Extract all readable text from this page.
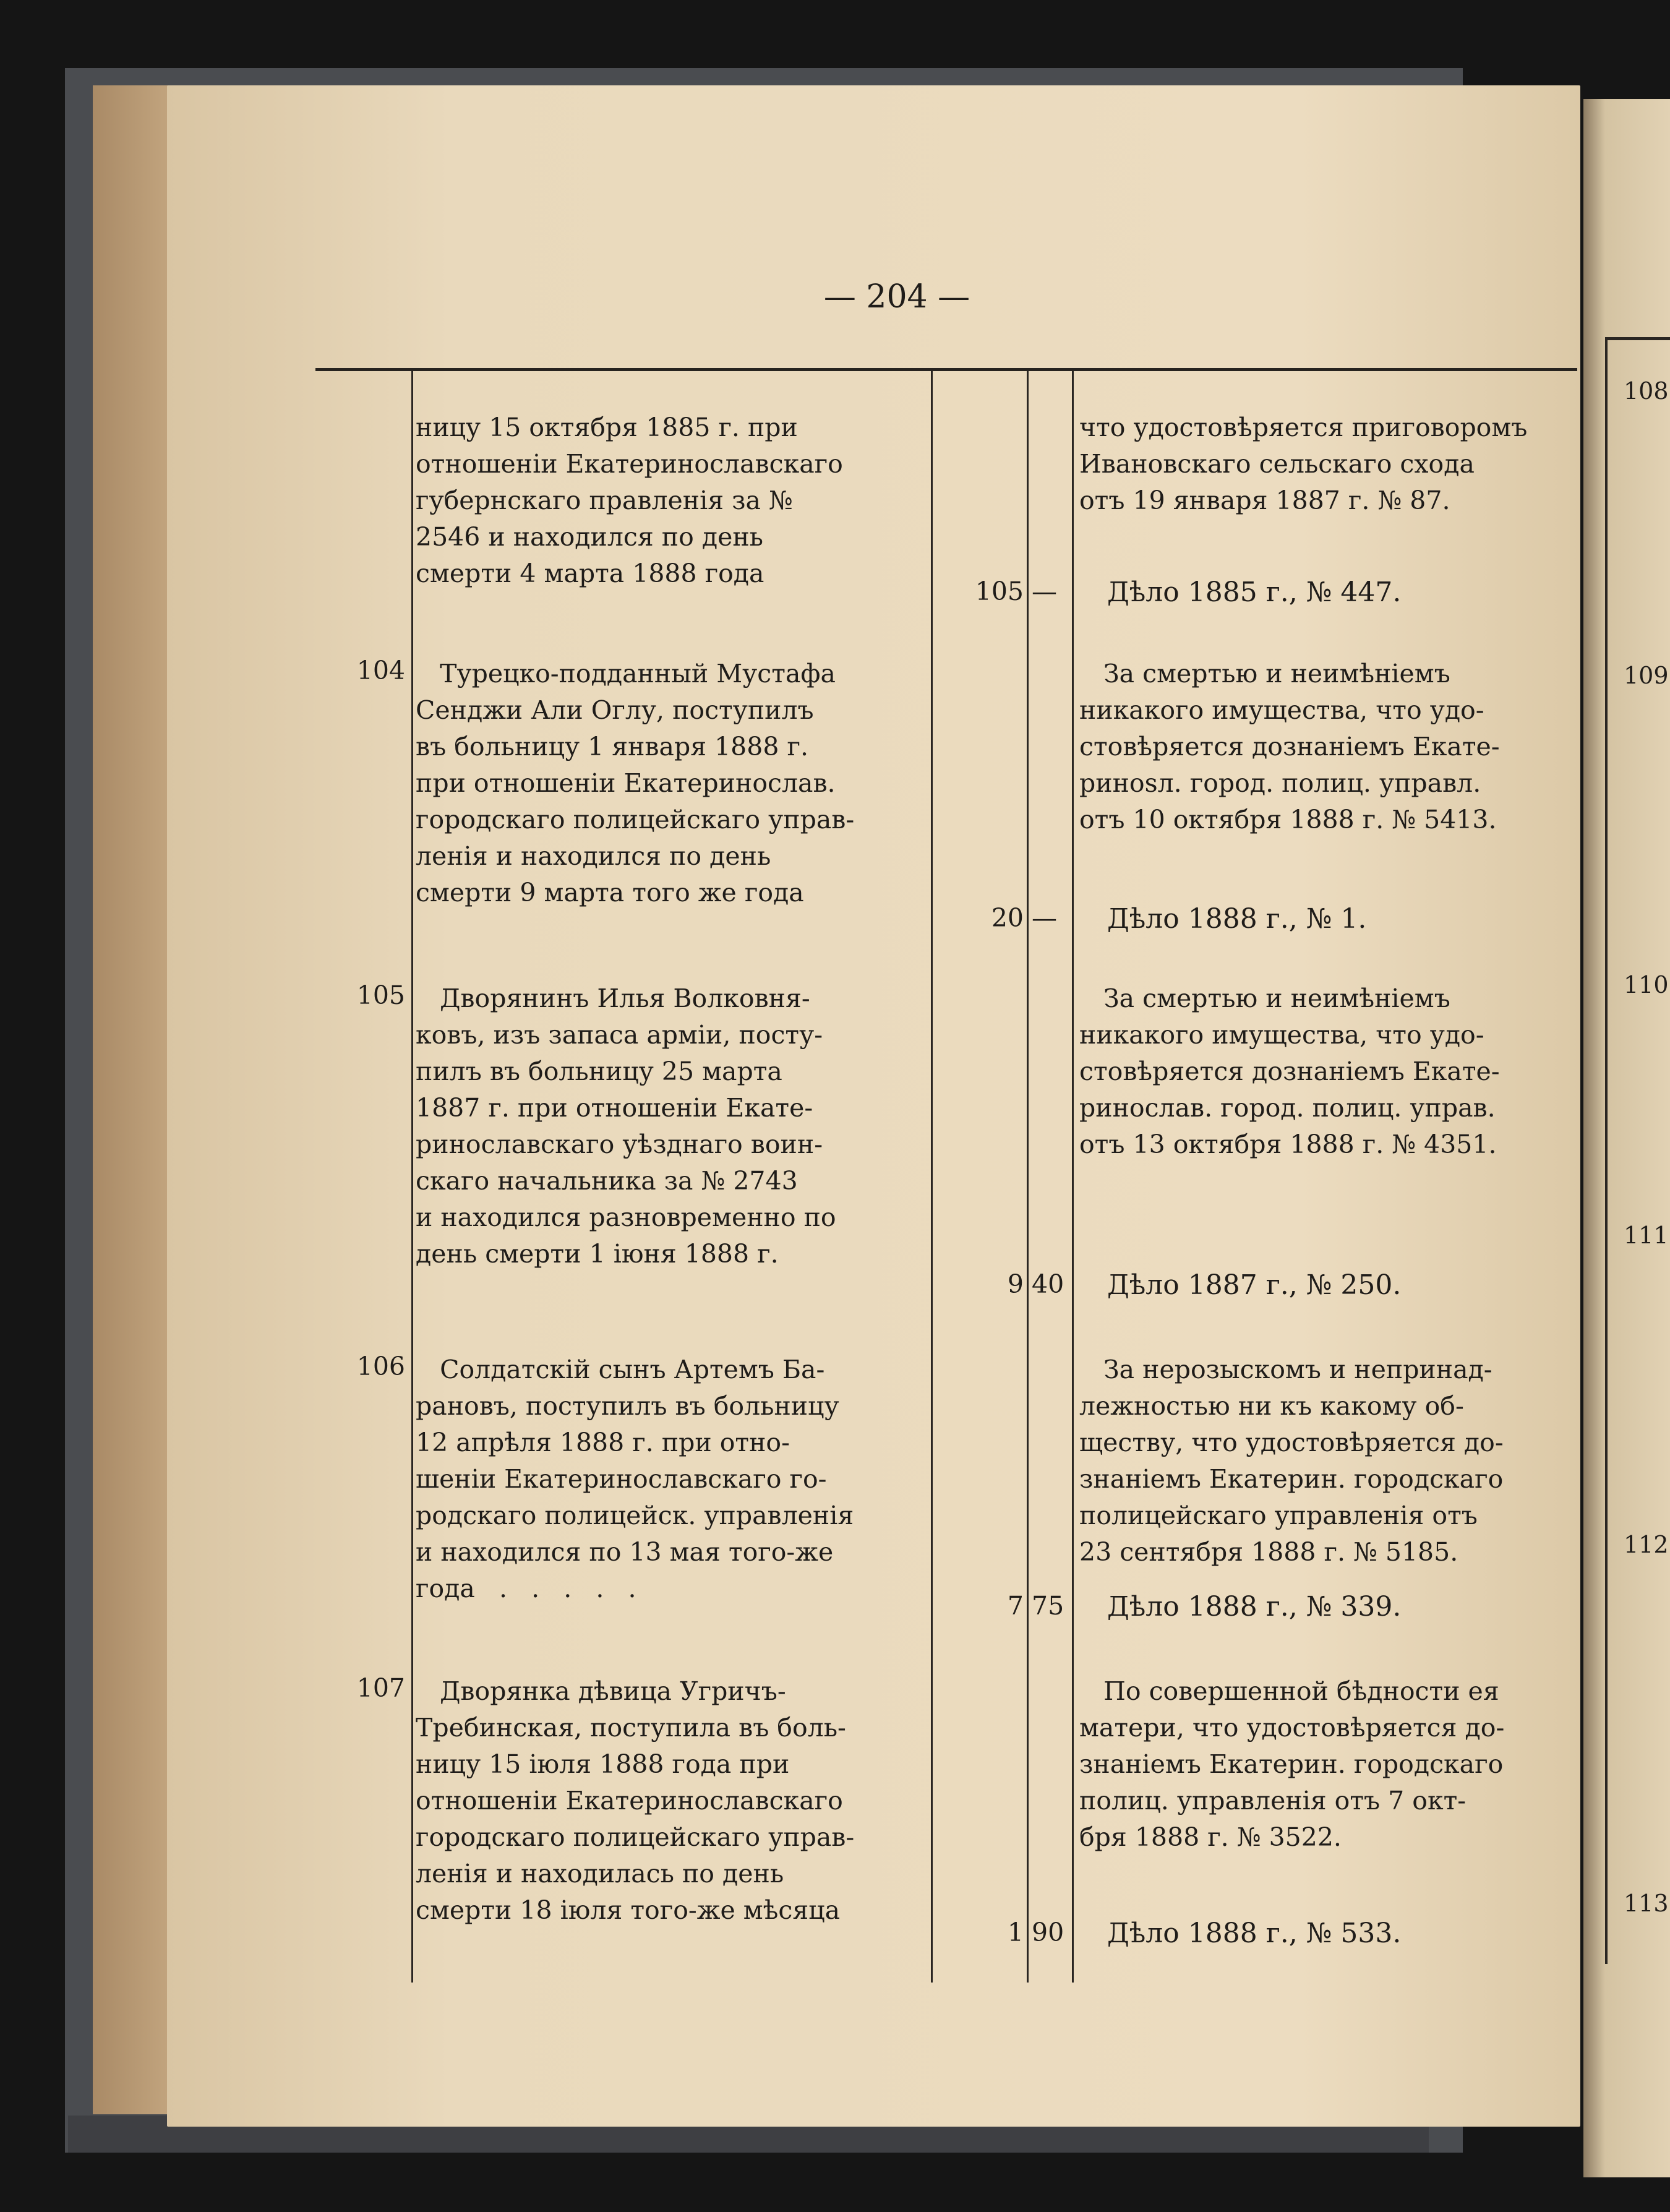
108
109
110
111
112
113
— 204 —
104
105
106
107
ницу 15 октября 1885 г. при
отношеніи Екатеринославскаго
губернскаго правленія за №
2546 и находился по день
смерти 4 марта 1888 года
Турецко-подданный Мустафа
Сенджи Али Оглу, поступилъ
въ больницу 1 января 1888 г.
при отношеніи Екатеринослав.
городскаго полицейскаго управ-
ленія и находился по день
смерти 9 марта того же года
Дворянинъ Илья Волковня-
ковъ, изъ запаса арміи, посту-
пилъ въ больницу 25 марта
1887 г. при отношеніи Екате-
ринославскаго уѣзднаго воин-
скаго начальника за № 2743
и находился разновременно по
день смерти 1 іюня 1888 г.
Солдатскій сынъ Артемъ Ба-
рановъ, поступилъ въ больницу
12 апрѣля 1888 г. при отно-
шеніи Екатеринославскаго го-
родскаго полицейск. управленія
и находился по 13 мая того-же
года   .   .   .   .   .
Дворянка дѣвица Угричъ-
Требинская, поступила въ боль-
ницу 15 іюля 1888 года при
отношеніи Екатеринославскаго
городскаго полицейскаго управ-
ленія и находилась по день
смерти 18 іюля того-же мѣсяца
105 —
20 —
9 40
7 75
1 90
что удостовѣряется приговоромъ
Ивановскаго сельскаго схода
отъ 19 января 1887 г. № 87.
Дѣло 1885 г., № 447.
За смертью и неимѣніемъ
никакого имущества, что удо-
стовѣряется дознаніемъ Екате-
ринosл. город. полиц. управл.
отъ 10 октября 1888 г. № 5413.
Дѣло 1888 г., № 1.
За смертью и неимѣніемъ
никакого имущества, что удо-
стовѣряется дознаніемъ Екате-
ринослав. город. полиц. управ.
отъ 13 октября 1888 г. № 4351.
Дѣло 1887 г., № 250.
За нерозыскомъ и непринад-
лежностью ни къ какому об-
ществу, что удостовѣряется до-
знаніемъ Екатерин. городскаго
полицейскаго управленія отъ
23 сентября 1888 г. № 5185.
Дѣло 1888 г., № 339.
По совершенной бѣдности ея
матери, что удостовѣряется до-
знаніемъ Екатерин. городскаго
полиц. управленія отъ 7 окт-
бря 1888 г. № 3522.
Дѣло 1888 г., № 533.
